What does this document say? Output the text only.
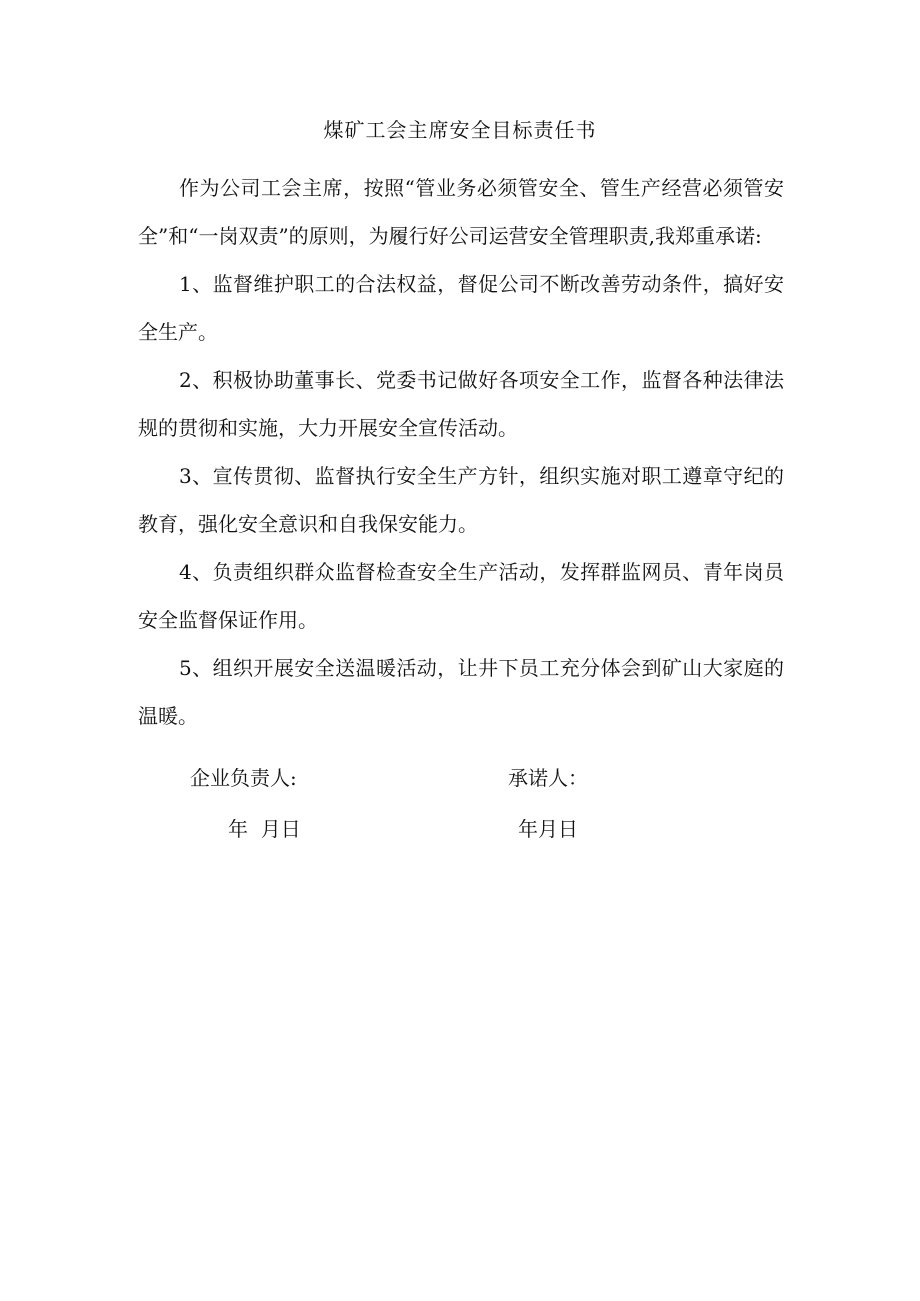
煤矿工会主席安全目标责任书

作为公司工会主席，按照“管业务必须管安全、管生产经营必须管安全”和“一岗双责”的原则，为履行好公司运营安全管理职责,我郑重承诺:

1、监督维护职工的合法权益，督促公司不断改善劳动条件，搞好安全生产。

2、积极协助董事长、党委书记做好各项安全工作，监督各种法律法规的贯彻和实施，大力开展安全宣传活动。

3、宣传贯彻、监督执行安全生产方针，组织实施对职工遵章守纪的教育，强化安全意识和自我保安能力。

4、负责组织群众监督检查安全生产活动，发挥群监网员、青年岗员安全监督保证作用。

5、组织开展安全送温暖活动，让井下员工充分体会到矿山大家庭的温暖。

企业负责人:	承诺人：
年  月日	年月日
